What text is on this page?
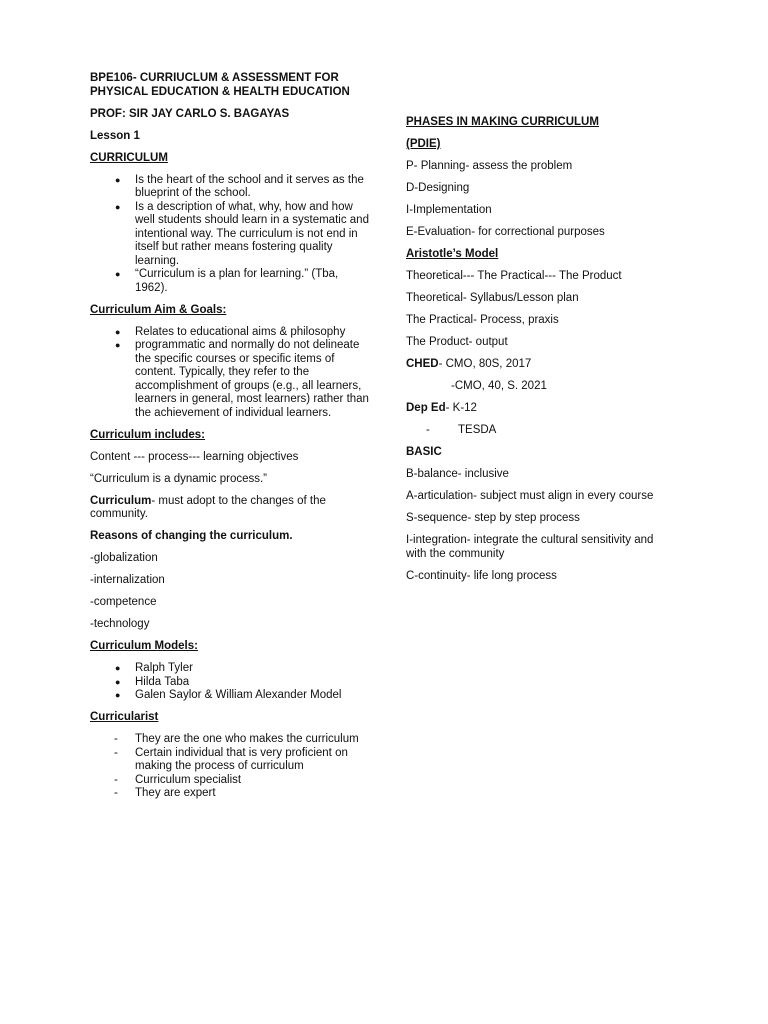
BPE106- CURRIUCLUM & ASSESSMENT FOR PHYSICAL EDUCATION & HEALTH EDUCATION

PROF: SIR JAY CARLO S. BAGAYAS

Lesson 1

CURRICULUM

● Is the heart of the school and it serves as the blueprint of the school.
● Is a description of what, why, how and how well students should learn in a systematic and intentional way. The curriculum is not end in itself but rather means fostering quality learning.
● “Curriculum is a plan for learning.” (Tba, 1962).

Curriculum Aim & Goals:

● Relates to educational aims & philosophy
● programmatic and normally do not delineate the specific courses or specific items of content. Typically, they refer to the accomplishment of groups (e.g., all learners, learners in general, most learners) rather than the achievement of individual learners.

Curriculum includes:

Content --- process--- learning objectives

“Curriculum is a dynamic process.”

Curriculum- must adopt to the changes of the community.

Reasons of changing the curriculum.

-globalization

-internalization

-competence

-technology

Curriculum Models:

● Ralph Tyler
● Hilda Taba
● Galen Saylor & William Alexander Model

Curricularist

- They are the one who makes the curriculum
- Certain individual that is very proficient on making the process of curriculum
- Curriculum specialist
- They are expert

PHASES IN MAKING CURRICULUM

(PDIE)

P- Planning- assess the problem

D-Designing

I-Implementation

E-Evaluation- for correctional purposes

Aristotle’s Model

Theoretical--- The Practical--- The Product

Theoretical- Syllabus/Lesson plan

The Practical- Process, praxis

The Product- output

CHED- CMO, 80S, 2017

-CMO, 40, S. 2021

Dep Ed- K-12

- TESDA

BASIC

B-balance- inclusive

A-articulation- subject must align in every course

S-sequence- step by step process

I-integration- integrate the cultural sensitivity and with the community

C-continuity- life long process
